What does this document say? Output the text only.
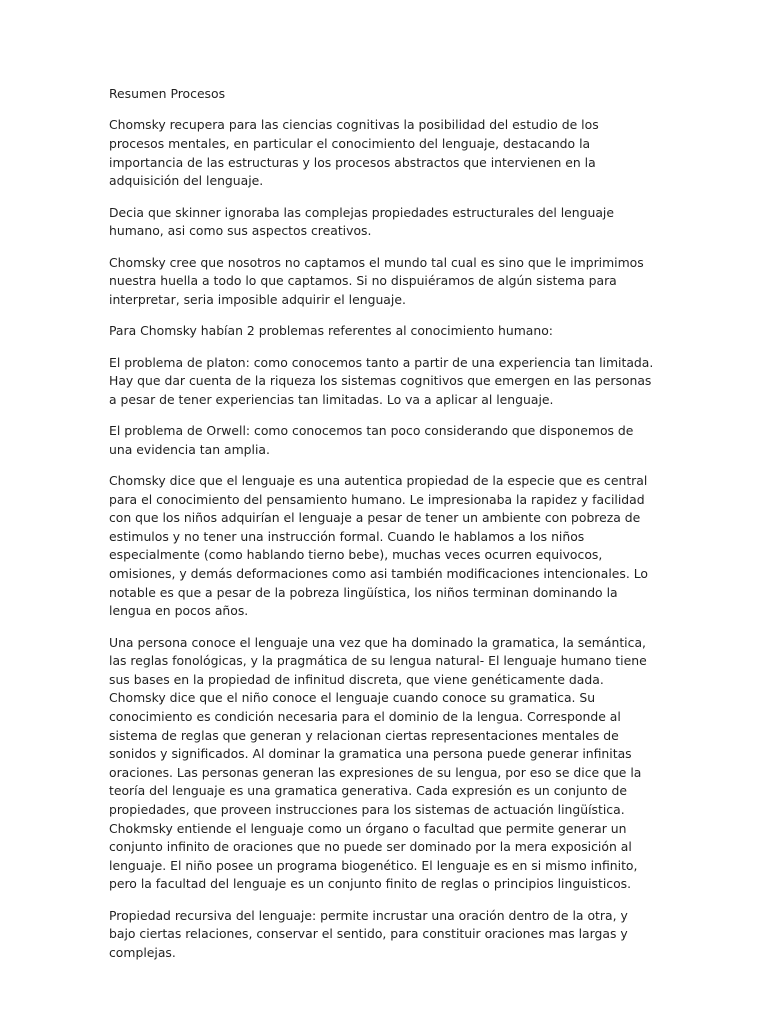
Resumen Procesos

Chomsky recupera para las ciencias cognitivas la posibilidad del estudio de los procesos mentales, en particular el conocimiento del lenguaje, destacando la importancia de las estructuras y los procesos abstractos que intervienen en la adquisición del lenguaje.

Decia que skinner ignoraba las complejas propiedades estructurales del lenguaje humano, asi como sus aspectos creativos.

Chomsky cree que nosotros no captamos el mundo tal cual es sino que le imprimimos nuestra huella a todo lo que captamos. Si no dispuiéramos de algún sistema para interpretar, seria imposible adquirir el lenguaje.

Para Chomsky habían 2 problemas referentes al conocimiento humano:

El problema de platon: como conocemos tanto a partir de una experiencia tan limitada. Hay que dar cuenta de la riqueza los sistemas cognitivos que emergen en las personas a pesar de tener experiencias tan limitadas. Lo va a aplicar al lenguaje.

El problema de Orwell: como conocemos tan poco considerando que disponemos de una evidencia tan amplia.

Chomsky dice que el lenguaje es una autentica propiedad de la especie que es central para el conocimiento del pensamiento humano. Le impresionaba la rapidez y facilidad con que los niños adquirían el lenguaje a pesar de tener un ambiente con pobreza de estimulos y no tener una instrucción formal. Cuando le hablamos a los niños especialmente (como hablando tierno bebe), muchas veces ocurren equivocos, omisiones, y demás deformaciones como asi también modificaciones intencionales. Lo notable es que a pesar de la pobreza lingüística, los niños terminan dominando la lengua en pocos años.

Una persona conoce el lenguaje una vez que ha dominado la gramatica, la semántica, las reglas fonológicas, y la pragmática de su lengua natural- El lenguaje humano tiene sus bases en la propiedad de infinitud discreta, que viene genéticamente dada. Chomsky dice que el niño conoce el lenguaje cuando conoce su gramatica. Su conocimiento es condición necesaria para el dominio de la lengua. Corresponde al sistema de reglas que generan y relacionan ciertas representaciones mentales de sonidos y significados. Al dominar la gramatica una persona puede generar infinitas oraciones. Las personas generan las expresiones de su lengua, por eso se dice que la teoría del lenguaje es una gramatica generativa. Cada expresión es un conjunto de propiedades, que proveen instrucciones para los sistemas de actuación lingüística. Chokmsky entiende el lenguaje como un órgano o facultad que permite generar un conjunto infinito de oraciones que no puede ser dominado por la mera exposición al lenguaje. El niño posee un programa biogenético. El lenguaje es en si mismo infinito, pero la facultad del lenguaje es un conjunto finito de reglas o principios linguisticos.

Propiedad recursiva del lenguaje: permite incrustar una oración dentro de la otra, y bajo ciertas relaciones, conservar el sentido, para constituir oraciones mas largas y complejas.
